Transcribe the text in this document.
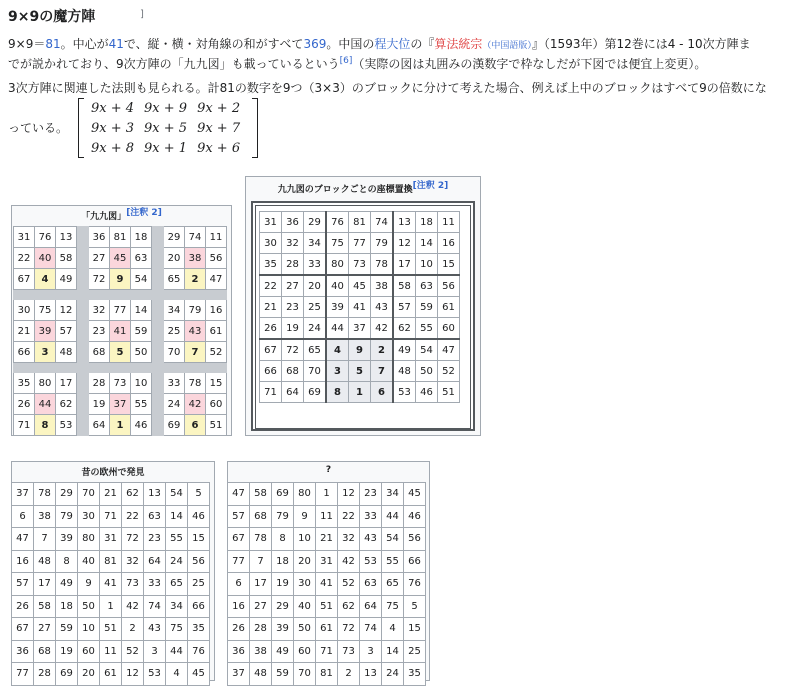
9×9の魔方陣	]
9×9＝81。中心が41で、縦・横・対角線の和がすべて369。中国の程大位の『算法統宗（中国語版）』（1593年）第12巻には4 - 10次方陣ま
でが説かれており、9次方陣の「九九図」も載っているという[6]（実際の図は丸囲みの漢数字で枠なしだが下図では便宜上変更）。
3次方陣に関連した法則も見られる。計81の数字を9つ（3×3）のブロックに分けて考えた場合、例えば上中のブロックはすべて9の倍数にな
っている。
9x + 4	9x + 9	9x + 2
9x + 3	9x + 5	9x + 7
9x + 8	9x + 1	9x + 6
「九九図」[注釈 2]
31	76	13		36	81	18		29	74	11
22	40	58		27	45	63		20	38	56
67	4	49		72	9	54		65	2	47

30	75	12		32	77	14		34	79	16
21	39	57		23	41	59		25	43	61
66	3	48		68	5	50		70	7	52

35	80	17		28	73	10		33	78	15
26	44	62		19	37	55		24	42	60
71	8	53		64	1	46		69	6	51
九九図のブロックごとの座標置換[注釈 2]
31	36	29	76	81	74	13	18	11
30	32	34	75	77	79	12	14	16
35	28	33	80	73	78	17	10	15
22	27	20	40	45	38	58	63	56
21	23	25	39	41	43	57	59	61
26	19	24	44	37	42	62	55	60
67	72	65	4	9	2	49	54	47
66	68	70	3	5	7	48	50	52
71	64	69	8	1	6	53	46	51
昔の欧州で発見
37	78	29	70	21	62	13	54	5
6	38	79	30	71	22	63	14	46
47	7	39	80	31	72	23	55	15
16	48	8	40	81	32	64	24	56
57	17	49	9	41	73	33	65	25
26	58	18	50	1	42	74	34	66
67	27	59	10	51	2	43	75	35
36	68	19	60	11	52	3	44	76
77	28	69	20	61	12	53	4	45
?
47	58	69	80	1	12	23	34	45
57	68	79	9	11	22	33	44	46
67	78	8	10	21	32	43	54	56
77	7	18	20	31	42	53	55	66
6	17	19	30	41	52	63	65	76
16	27	29	40	51	62	64	75	5
26	28	39	50	61	72	74	4	15
36	38	49	60	71	73	3	14	25
37	48	59	70	81	2	13	24	35
